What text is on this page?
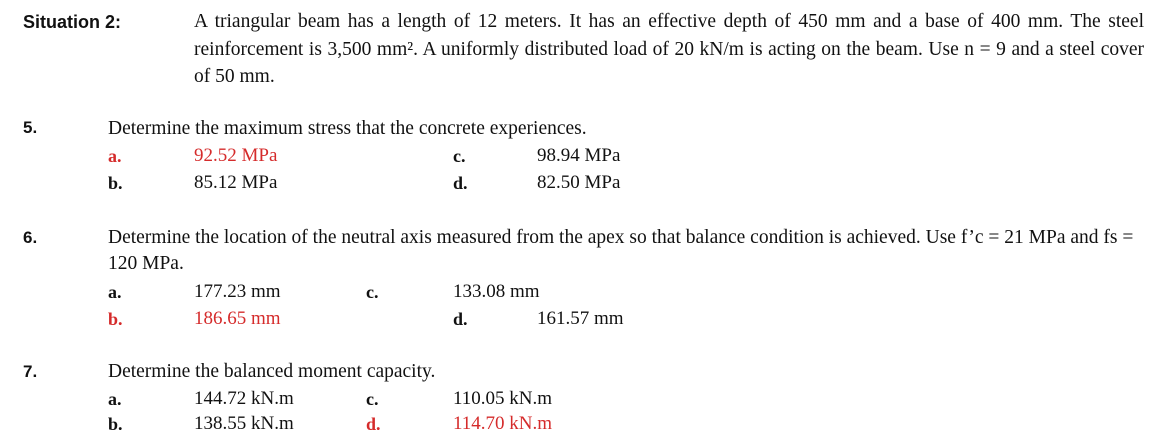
Situation 2:	A triangular beam has a length of 12 meters. It has an effective depth of 450 mm and a base of 400 mm. The steel reinforcement is 3,500 mm². A uniformly distributed load of 20 kN/m is acting on the beam. Use n = 9 and a steel cover of 50 mm.
5.	Determine the maximum stress that the concrete experiences.
a.	92.52 MPa	c.	98.94 MPa
b.	85.12 MPa	d.	82.50 MPa
6.	Determine the location of the neutral axis measured from the apex so that balance condition is achieved. Use f’c = 21 MPa and fs = 120 MPa.
a.	177.23 mm	c.	133.08 mm
b.	186.65 mm	d.	161.57 mm
7.	Determine the balanced moment capacity.
a.	144.72 kN.m	c.	110.05 kN.m
b.	138.55 kN.m	d.	114.70 kN.m
